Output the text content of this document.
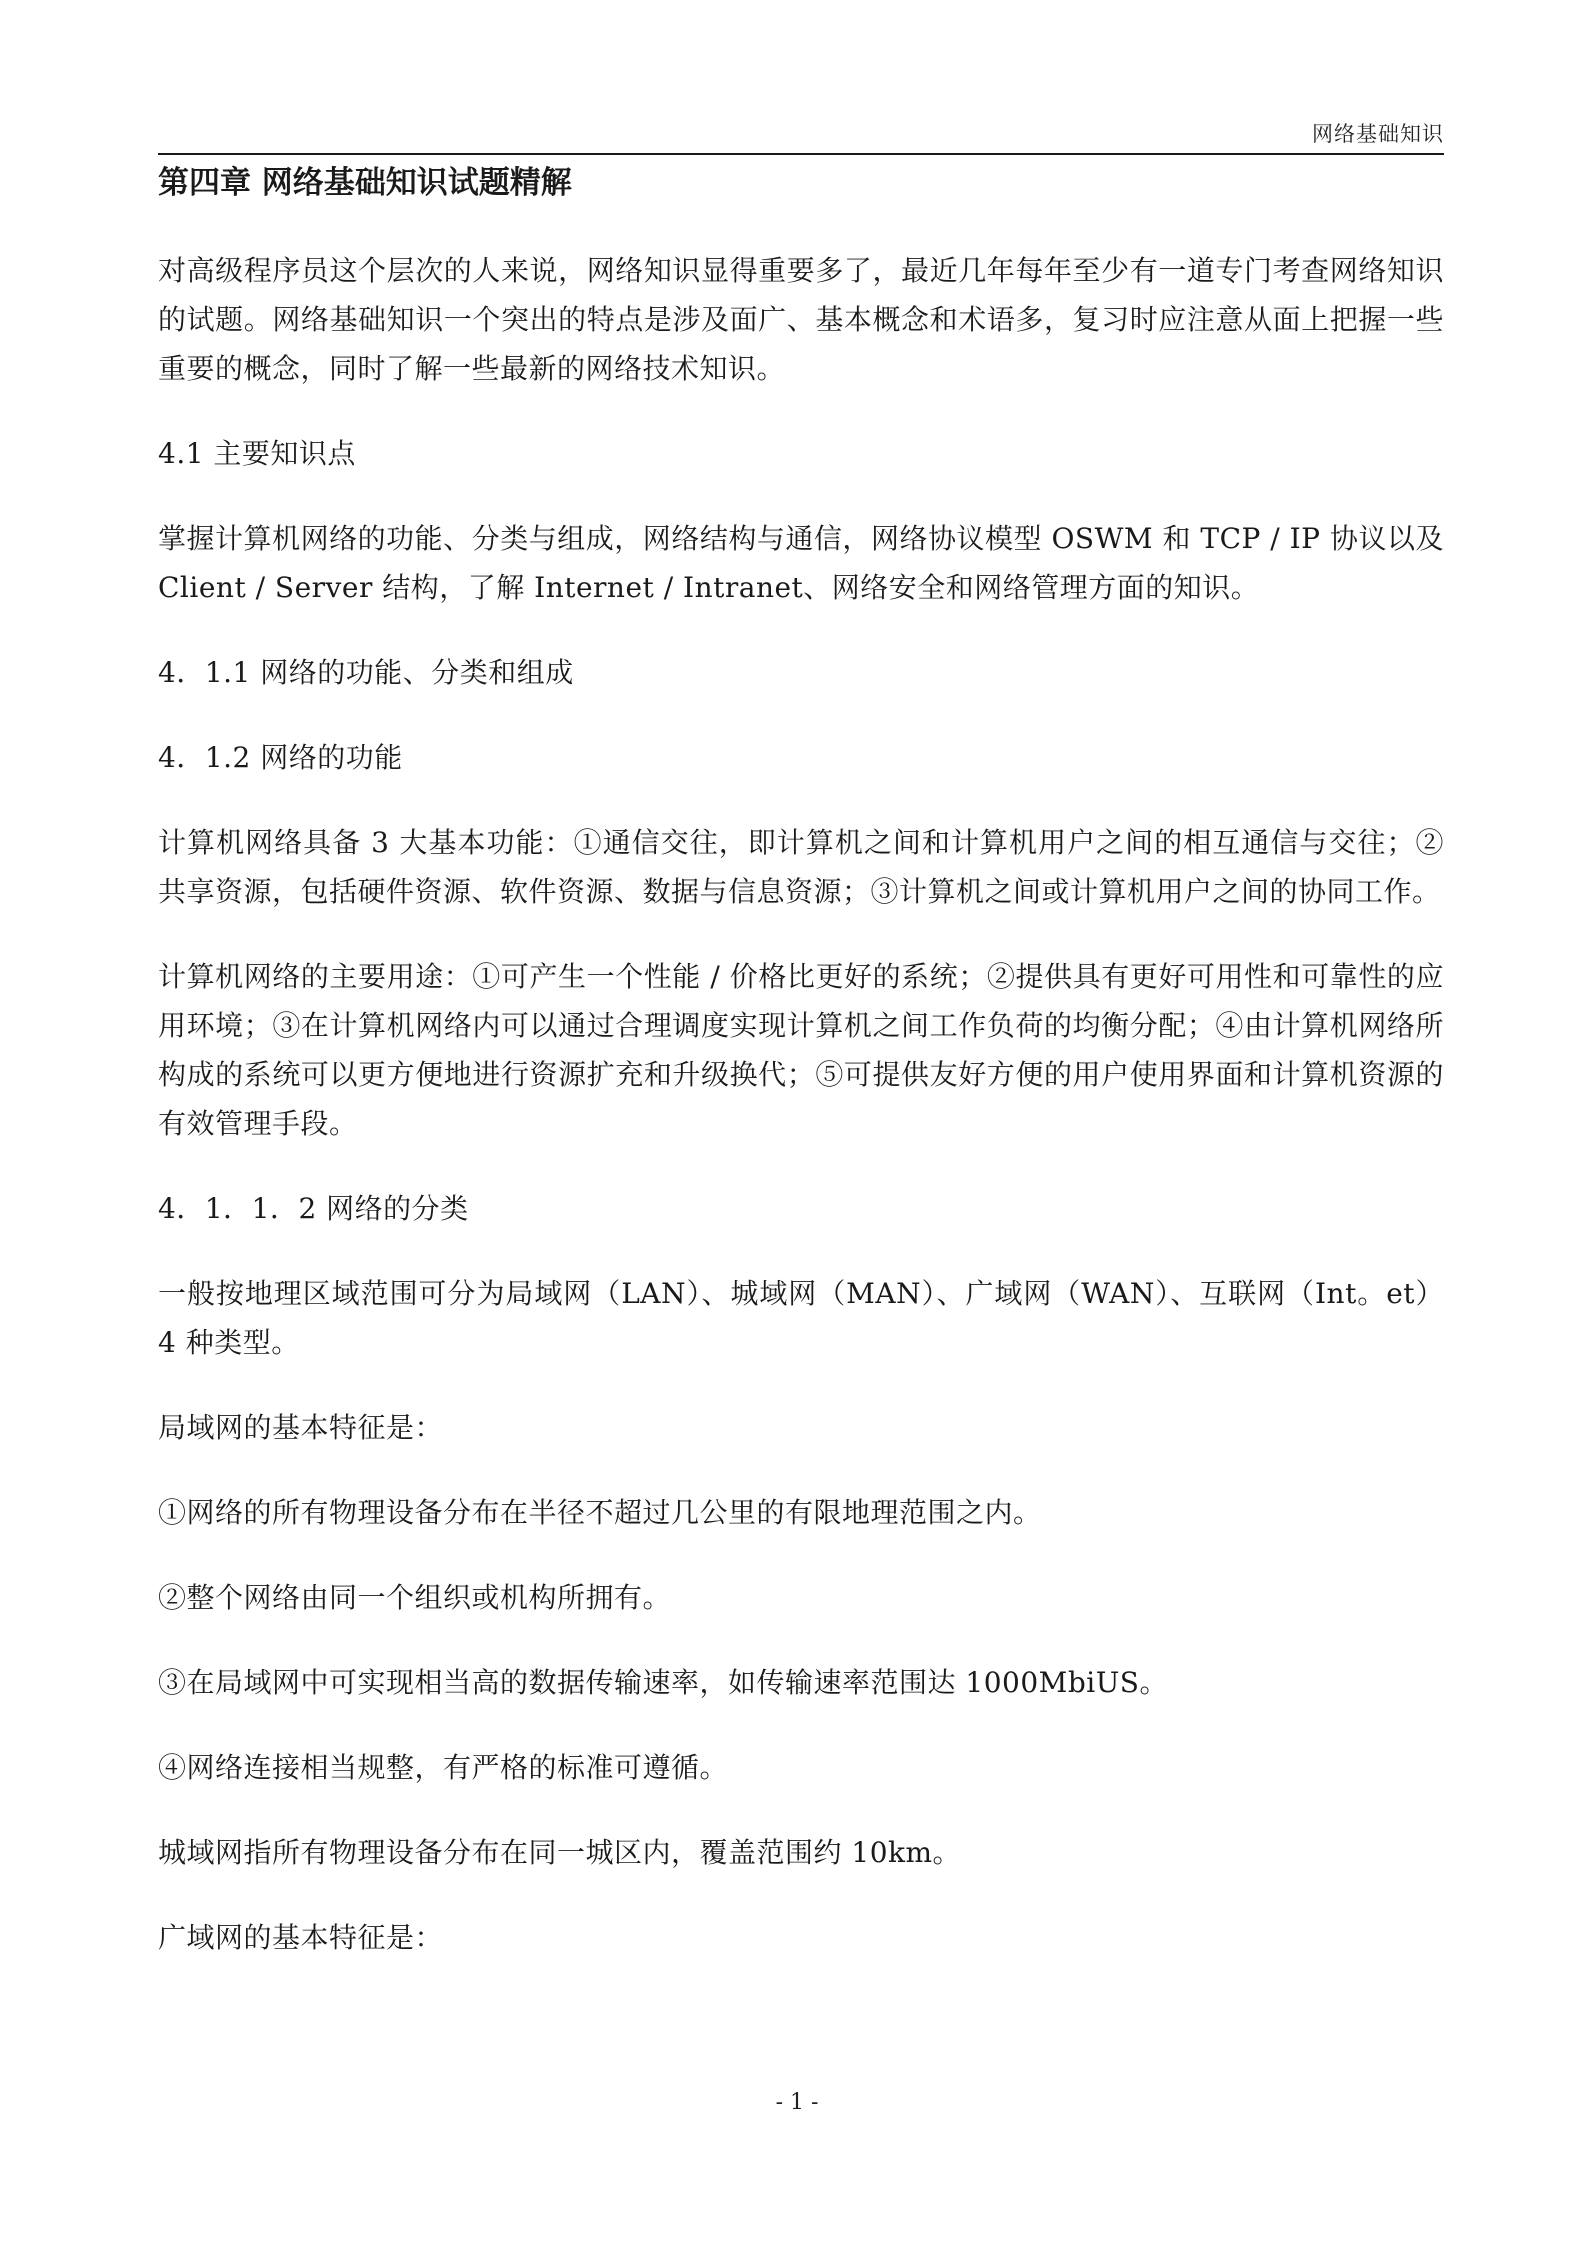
网络基础知识
第四章 网络基础知识试题精解

对高级程序员这个层次的人来说，网络知识显得重要多了，最近几年每年至少有一道专门考查网络知识的试题。网络基础知识一个突出的特点是涉及面广、基本概念和术语多，复习时应注意从面上把握一些重要的概念，同时了解一些最新的网络技术知识。

4.1 主要知识点

掌握计算机网络的功能、分类与组成，网络结构与通信，网络协议模型 OSWM 和 TCP / IP 协议以及 Client / Server 结构，了解 Internet / Intranet、网络安全和网络管理方面的知识。

4．1.1 网络的功能、分类和组成

4．1.2 网络的功能

计算机网络具备 3 大基本功能：①通信交往，即计算机之间和计算机用户之间的相互通信与交往；②共享资源，包括硬件资源、软件资源、数据与信息资源；③计算机之间或计算机用户之间的协同工作。

计算机网络的主要用途：①可产生一个性能 / 价格比更好的系统；②提供具有更好可用性和可靠性的应用环境；③在计算机网络内可以通过合理调度实现计算机之间工作负荷的均衡分配；④由计算机网络所构成的系统可以更方便地进行资源扩充和升级换代；⑤可提供友好方便的用户使用界面和计算机资源的有效管理手段。

4．1．1．2 网络的分类

一般按地理区域范围可分为局域网（LAN）、城域网（MAN）、广域网（WAN）、互联网（Int。et）4 种类型。

局域网的基本特征是：

①网络的所有物理设备分布在半径不超过几公里的有限地理范围之内。

②整个网络由同一个组织或机构所拥有。

③在局域网中可实现相当高的数据传输速率，如传输速率范围达 1000MbiUS。

④网络连接相当规整，有严格的标准可遵循。

城域网指所有物理设备分布在同一城区内，覆盖范围约 10km。

广域网的基本特征是：

- 1 -
